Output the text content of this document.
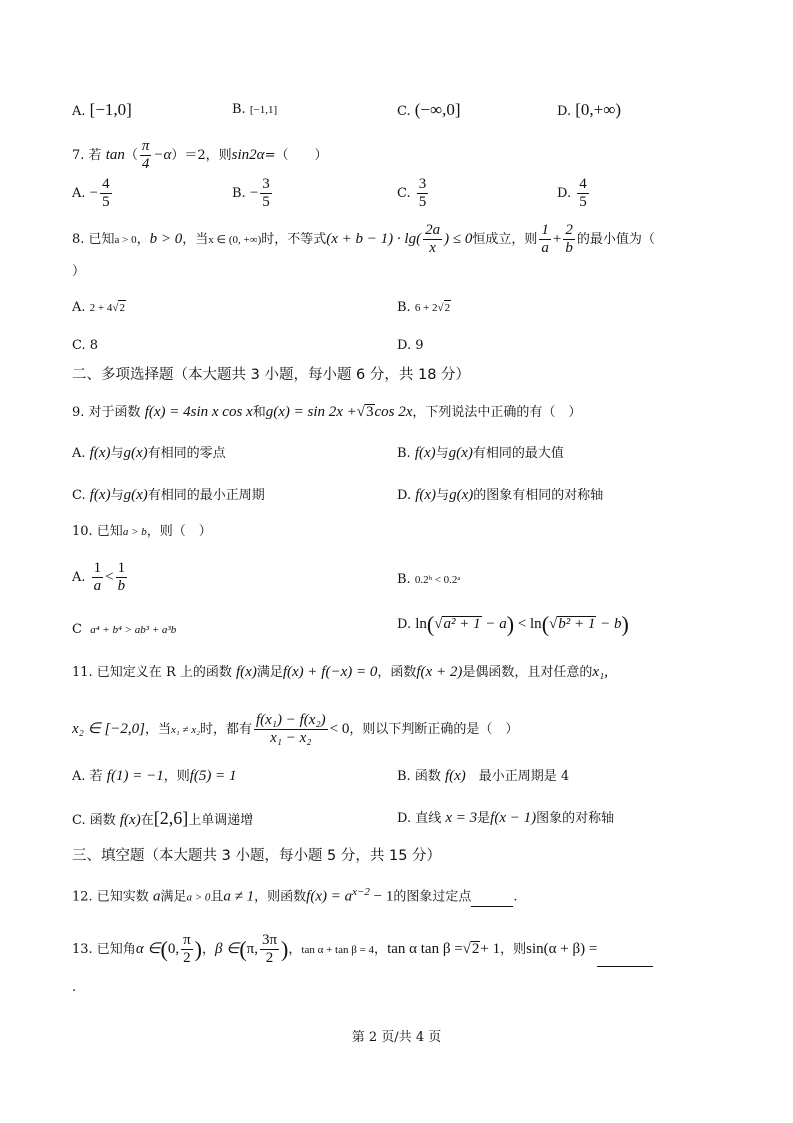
A. [−1,0]	B. [−1,1]	C. (−∞,0]	D. [0,+∞)
7. 若 $\tan( \frac{\pi}{4} -\alpha)=2$，则sin2α=（　　）
A. − $\frac{4}{5}$	B. − $\frac{3}{5}$	C. $\frac{3}{5}$	D. $\frac{4}{5}$
8. 已知a > 0，b > 0，当x ∈ (0, +∞)时，不等式$(x + b - 1) \cdot \lg( \frac{2a}{x}$ ) ≤ 0恒成立，则 $\frac{1}{a} + \frac{2}{b}$ 的最小值为（
）
A. 2 + 4√2	B. 6 + 2√2
C. 8	D. 9
二、多项选择题（本大题共 3 小题，每小题 6 分，共 18 分）
9. 对于函数 f(x) = 4sin x cos x和g(x) = sin 2x +√3cos 2x，下列说法中正确的有（　）
A. f(x)与g(x)有相同的零点	B. f(x)与g(x)有相同的最大值
C. f(x)与g(x)有相同的最小正周期	D. f(x)与g(x)的图象有相同的对称轴
10. 已知a > b，则（　）
A. $\frac{1}{a} < \frac{1}{b}$	B. 0.2ᵇ < 0.2ᵃ
C a⁴ + b⁴ > ab³ + a³b	D. ln(√a² + 1 − a) < ln(√b² + 1 − b)
11. 已知定义在 R 上的函数 f(x)满足f(x) + f(−x) = 0，函数f(x + 2)是偶函数，且对任意的x₁,
x₂ ∈ [−2,0]，当x₁ ≠ x₂时，都有 $\frac{\text{f(x₁) − f(x₂)}}{\text{x₁ − x₂}} < 0$，则以下判断正确的是（　）
A. 若 f(1) = −1，则f(5) = 1	B. 函数 f(x)　最小正周期是 4
C. 函数 f(x)在[2,6]上单调递增	D. 直线 x = 3是f(x − 1)图象的对称轴
三、填空题（本大题共 3 小题，每小题 5 分，共 15 分）
12. 已知实数 a满足a > 0且a ≠ 1，则函数$f(x) = a^{x-2} - 1$的图象过定点	.
13. 已知角α ∈(0, $\frac{\pi}{2}$ )，β ∈(π, $\frac{3\pi}{2}$ )，tan α + tan β = 4，tan α tan β =√2+ 1，则sin(α + β) =
.
第 2 页/共 4 页
